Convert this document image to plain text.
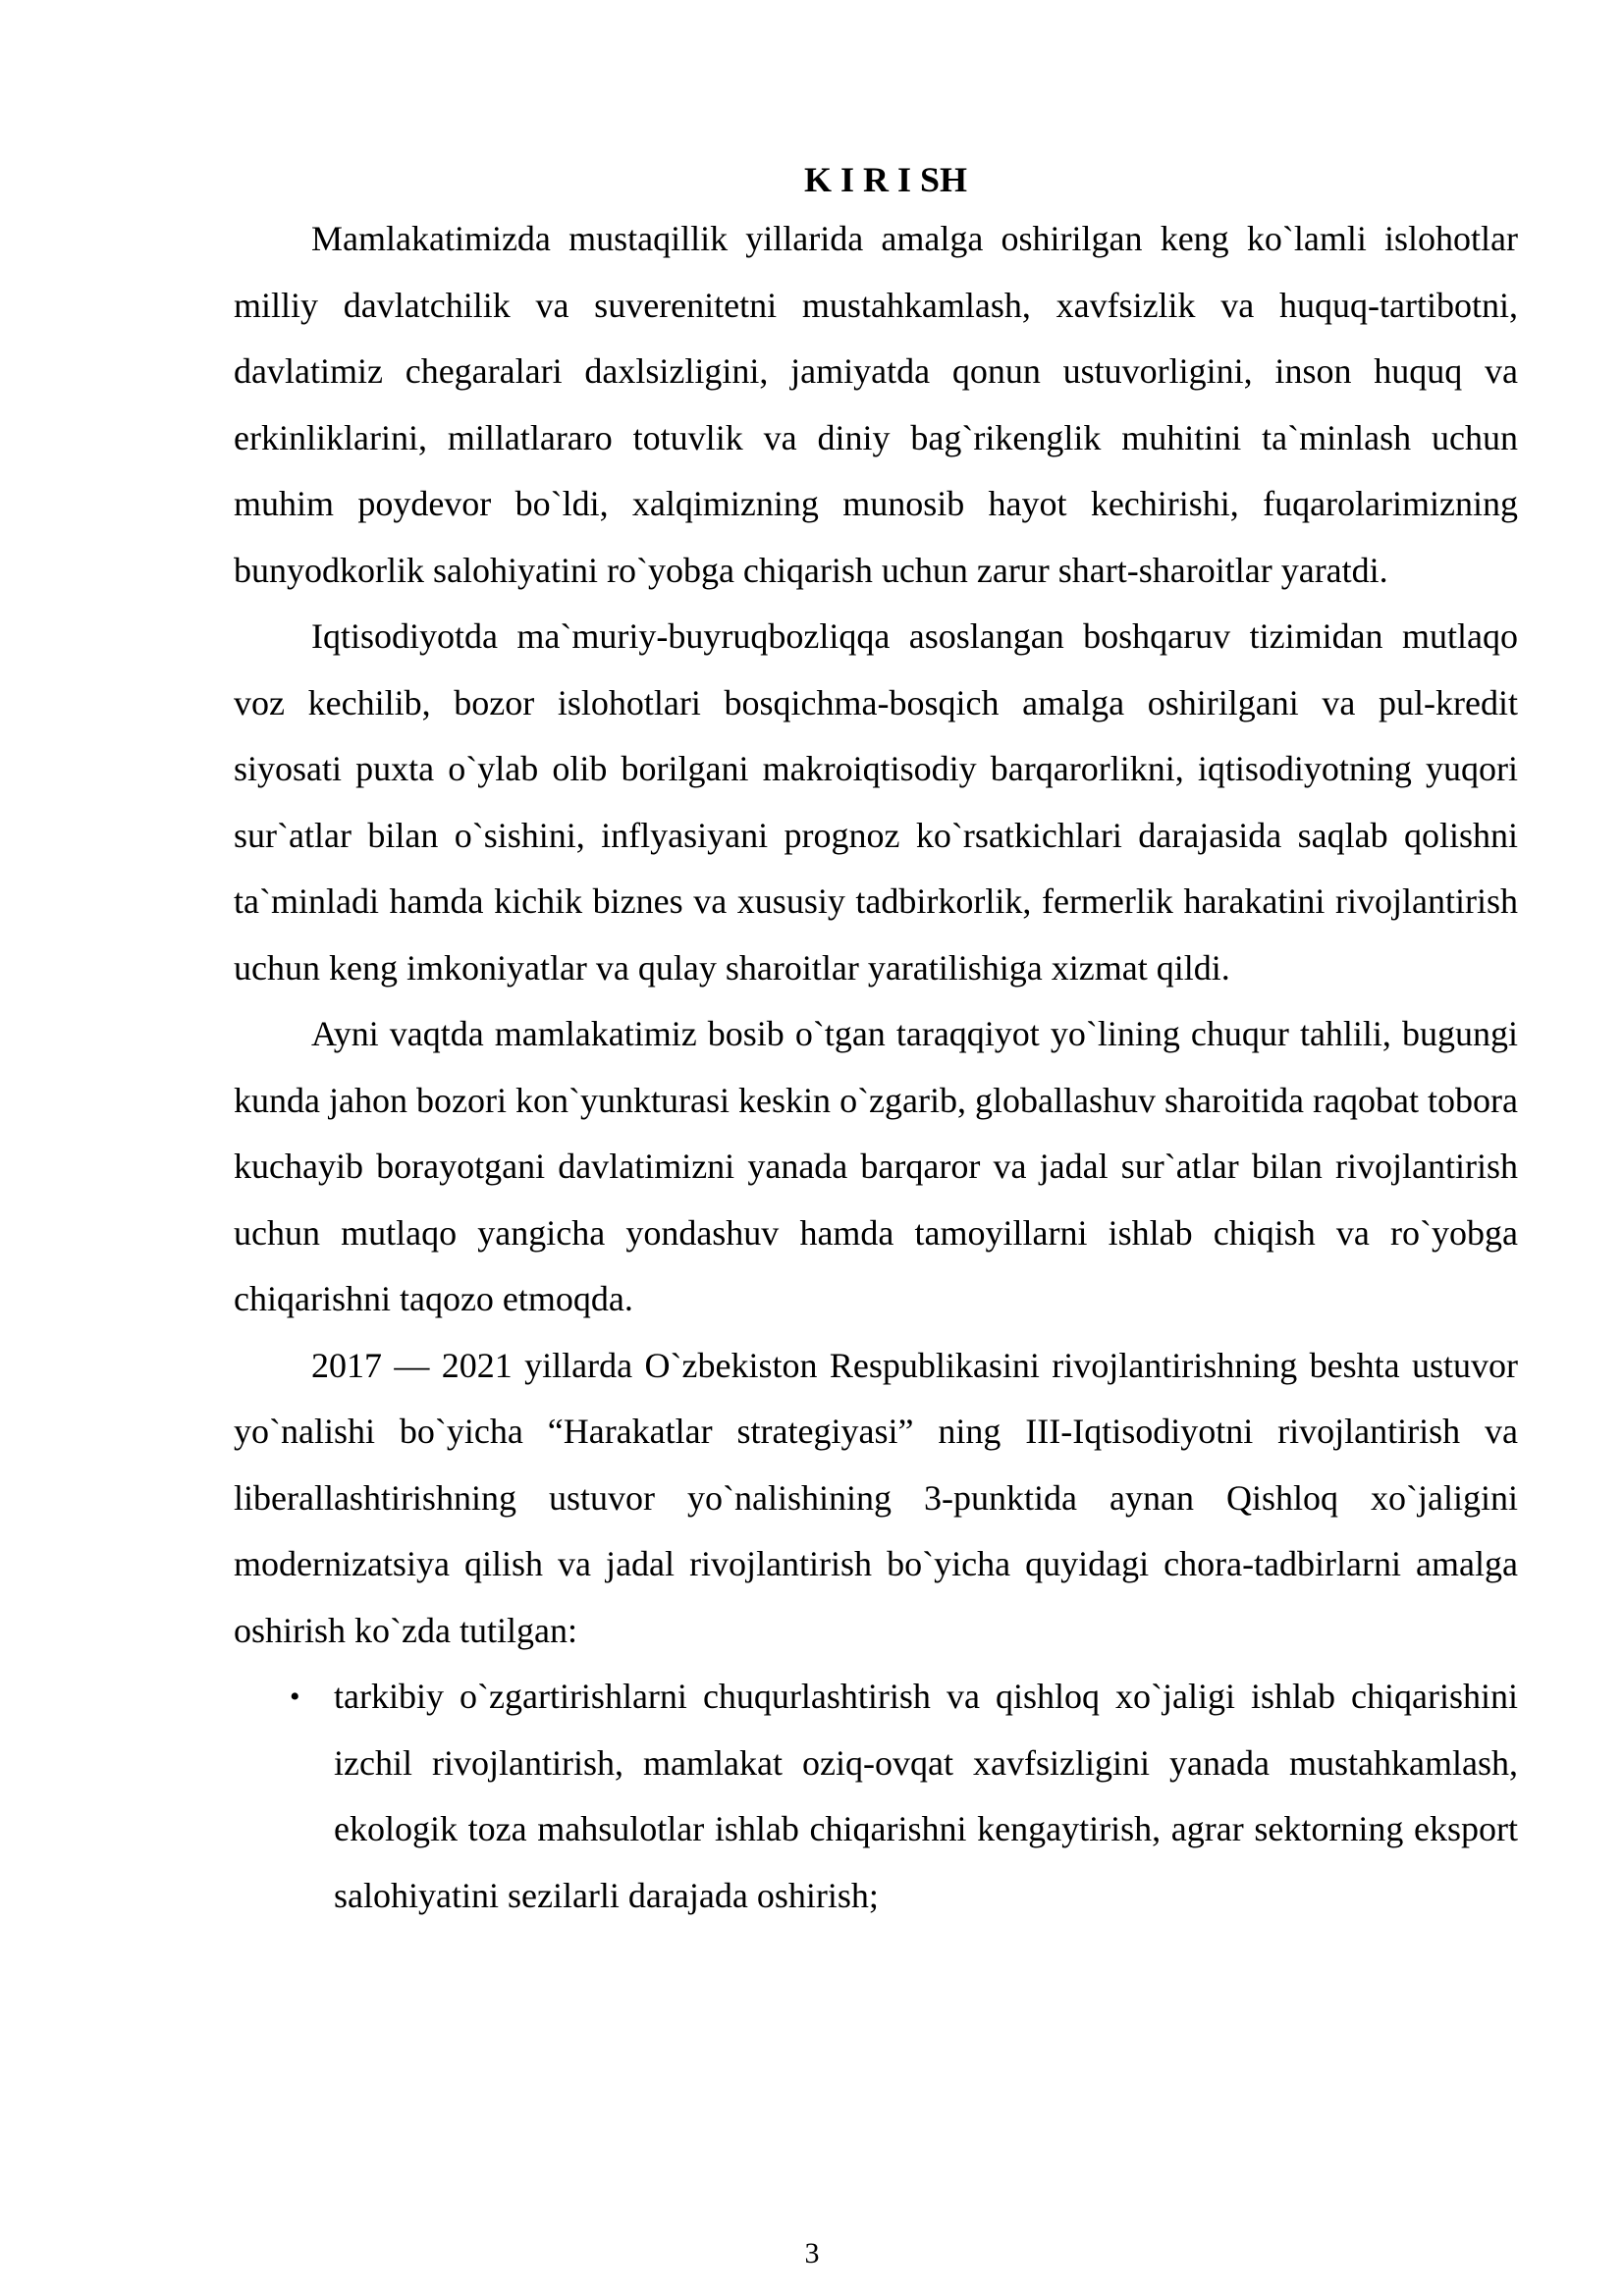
K I R I SH

Mamlakatimizda mustaqillik yillarida amalga oshirilgan keng ko`lamli islohotlar milliy davlatchilik va suverenitetni mustahkamlash, xavfsizlik va huquq-tartibotni, davlatimiz chegaralari daxlsizligini, jamiyatda qonun ustuvorligini, inson huquq va erkinliklarini, millatlararo totuvlik va diniy bag`rikenglik muhitini ta`minlash uchun muhim poydevor bo`ldi, xalqimizning munosib hayot kechirishi, fuqarolarimizning bunyodkorlik salohiyatini ro`yobga chiqarish uchun zarur shart-sharoitlar yaratdi.

Iqtisodiyotda ma`muriy-buyruqbozliqqa asoslangan boshqaruv tizimidan mutlaqo voz kechilib, bozor islohotlari bosqichma-bosqich amalga oshirilgani va pul-kredit siyosati puxta o`ylab olib borilgani makroiqtisodiy barqarorlikni, iqtisodiyotning yuqori sur`atlar bilan o`sishini, inflyasiyani prognoz ko`rsatkichlari darajasida saqlab qolishni ta`minladi hamda kichik biznes va xususiy tadbirkorlik, fermerlik harakatini rivojlantirish uchun keng imkoniyatlar va qulay sharoitlar yaratilishiga xizmat qildi.

Ayni vaqtda mamlakatimiz bosib o`tgan taraqqiyot yo`lining chuqur tahlili, bugungi kunda jahon bozori kon`yunkturasi keskin o`zgarib, globallashuv sharoitida raqobat tobora kuchayib borayotgani davlatimizni yanada barqaror va jadal sur`atlar bilan rivojlantirish uchun mutlaqo yangicha yondashuv hamda tamoyillarni ishlab chiqish va ro`yobga chiqarishni taqozo etmoqda.

2017 — 2021 yillarda O`zbekiston Respublikasini rivojlantirishning beshta ustuvor yo`nalishi bo`yicha “Harakatlar strategiyasi” ning III-Iqtisodiyotni rivojlantirish va liberallashtirishning ustuvor yo`nalishining 3-punktida aynan Qishloq xo`jaligini modernizatsiya qilish va jadal rivojlantirish bo`yicha quyidagi chora-tadbirlarni amalga oshirish ko`zda tutilgan:

• tarkibiy o`zgartirishlarni chuqurlashtirish va qishloq xo`jaligi ishlab chiqarishini izchil rivojlantirish, mamlakat oziq-ovqat xavfsizligini yanada mustahkamlash, ekologik toza mahsulotlar ishlab chiqarishni kengaytirish, agrar sektorning eksport salohiyatini sezilarli darajada oshirish;
3
